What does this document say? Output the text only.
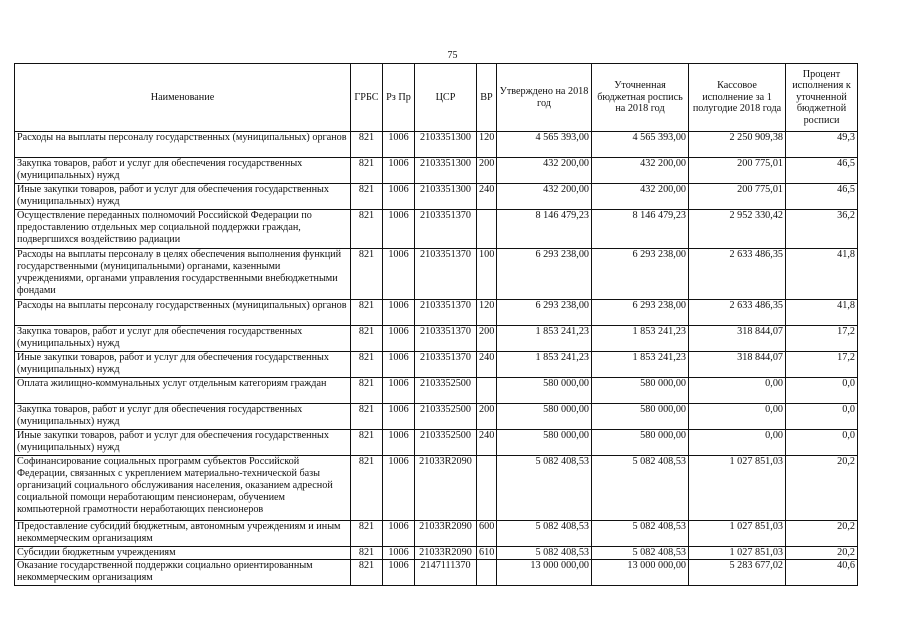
75
Наименование	ГРБС	Рз Пр	ЦСР	ВР	Утверждено на 2018 год	Уточненная бюджетная роспись на 2018 год	Кассовое исполнение за 1 полугодие 2018 года	Процент исполнения к уточненной бюджетной росписи
Расходы на выплаты персоналу государственных (муниципальных) органов	821	1006	2103351300	120	4 565 393,00	4 565 393,00	2 250 909,38	49,3
Закупка товаров, работ и услуг для обеспечения государственных (муниципальных) нужд	821	1006	2103351300	200	432 200,00	432 200,00	200 775,01	46,5
Иные закупки товаров, работ и услуг для обеспечения государственных (муниципальных) нужд	821	1006	2103351300	240	432 200,00	432 200,00	200 775,01	46,5
Осуществление переданных полномочий Российской Федерации по предоставлению отдельных мер социальной поддержки граждан, подвергшихся воздействию радиации	821	1006	2103351370		8 146 479,23	8 146 479,23	2 952 330,42	36,2
Расходы на выплаты персоналу в целях обеспечения выполнения функций государственными (муниципальными) органами, казенными учреждениями, органами управления государственными внебюджетными фондами	821	1006	2103351370	100	6 293 238,00	6 293 238,00	2 633 486,35	41,8
Расходы на выплаты персоналу государственных (муниципальных) органов	821	1006	2103351370	120	6 293 238,00	6 293 238,00	2 633 486,35	41,8
Закупка товаров, работ и услуг для обеспечения государственных (муниципальных) нужд	821	1006	2103351370	200	1 853 241,23	1 853 241,23	318 844,07	17,2
Иные закупки товаров, работ и услуг для обеспечения государственных (муниципальных) нужд	821	1006	2103351370	240	1 853 241,23	1 853 241,23	318 844,07	17,2
Оплата жилищно-коммунальных услуг отдельным категориям граждан	821	1006	2103352500		580 000,00	580 000,00	0,00	0,0
Закупка товаров, работ и услуг для обеспечения государственных (муниципальных) нужд	821	1006	2103352500	200	580 000,00	580 000,00	0,00	0,0
Иные закупки товаров, работ и услуг для обеспечения государственных (муниципальных) нужд	821	1006	2103352500	240	580 000,00	580 000,00	0,00	0,0
Софинансирование социальных программ субъектов Российской Федерации, связанных с укреплением материально-технической базы организаций социального обслуживания населения, оказанием адресной социальной помощи неработающим пенсионерам, обучением компьютерной грамотности неработающих пенсионеров	821	1006	21033R2090		5 082 408,53	5 082 408,53	1 027 851,03	20,2
Предоставление субсидий бюджетным, автономным учреждениям и иным некоммерческим организациям	821	1006	21033R2090	600	5 082 408,53	5 082 408,53	1 027 851,03	20,2
Субсидии бюджетным учреждениям	821	1006	21033R2090	610	5 082 408,53	5 082 408,53	1 027 851,03	20,2
Оказание государственной поддержки социально ориентированным некоммерческим организациям	821	1006	2147111370		13 000 000,00	13 000 000,00	5 283 677,02	40,6
